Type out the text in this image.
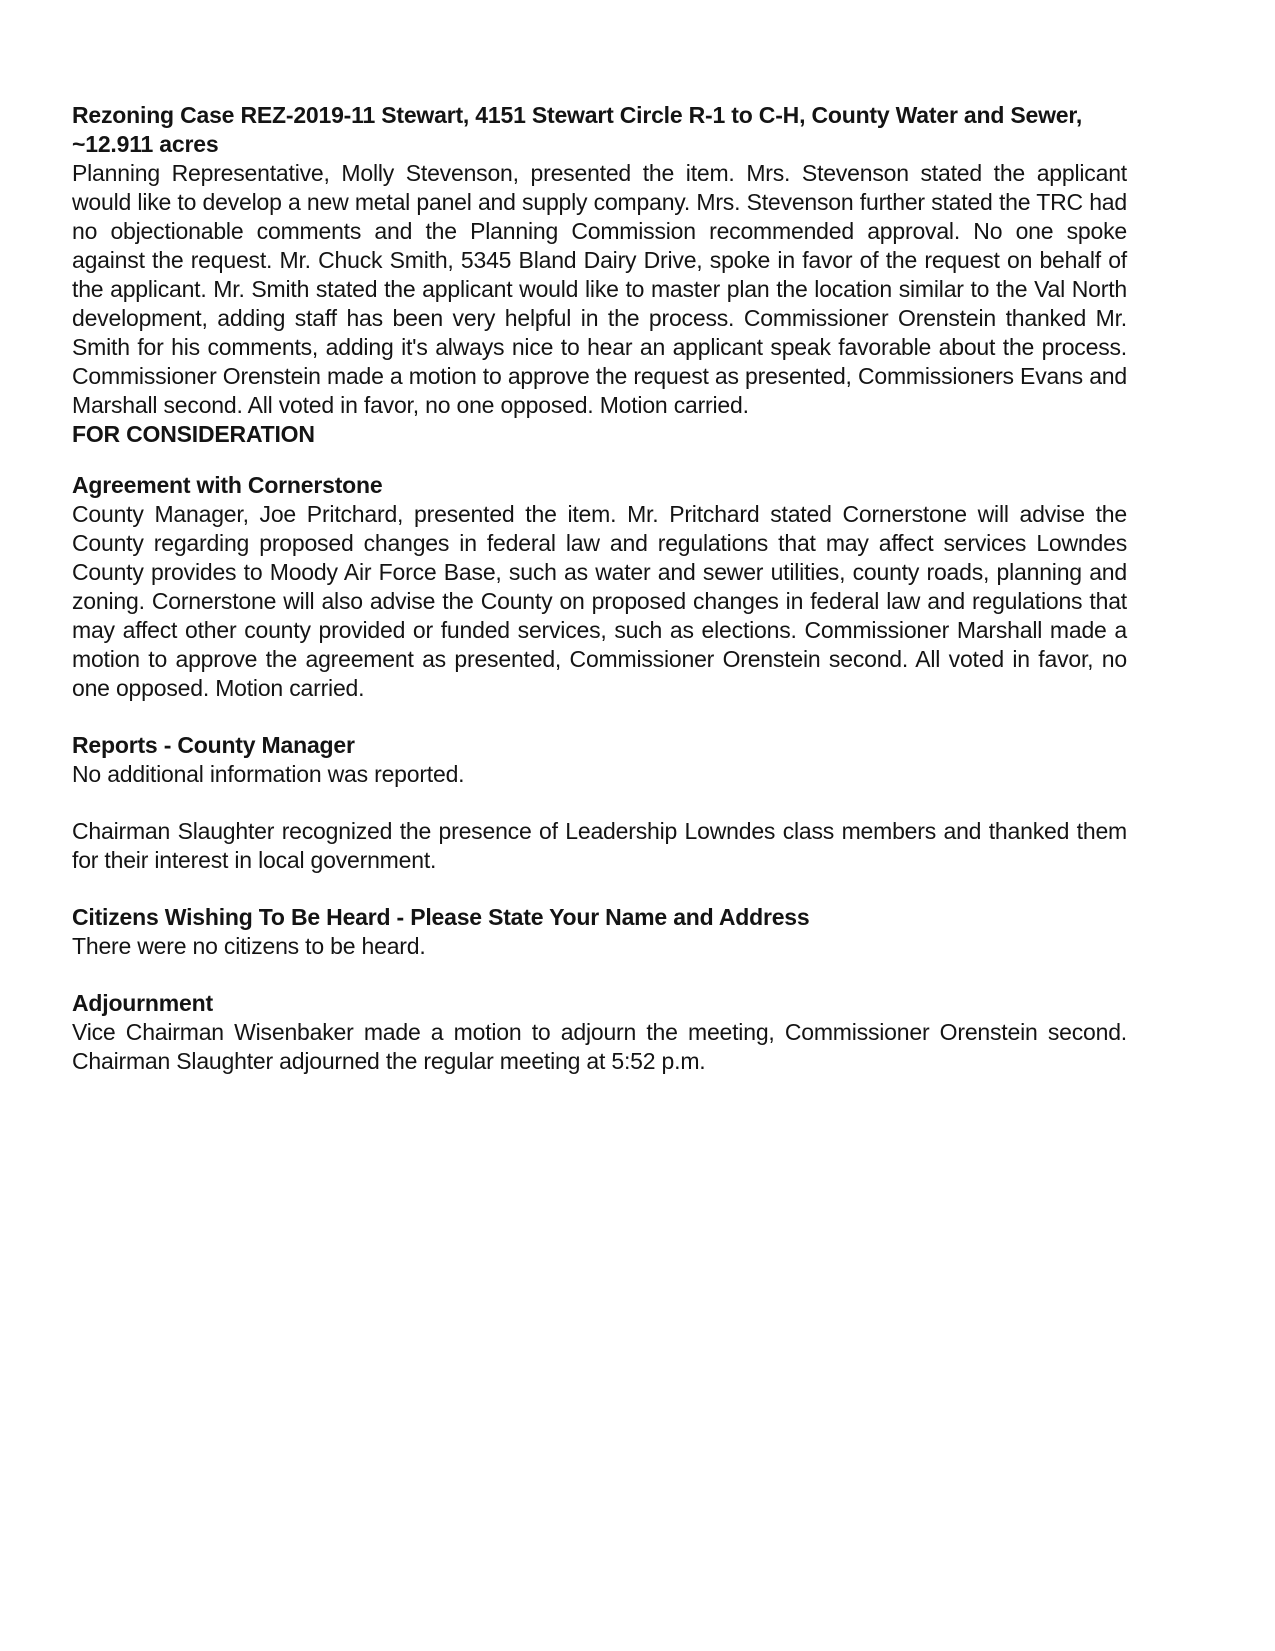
Rezoning Case REZ-2019-11 Stewart, 4151 Stewart Circle R-1 to C-H, County Water and Sewer, ~12.911 acres

Planning Representative, Molly Stevenson, presented the item. Mrs. Stevenson stated the applicant would like to develop a new metal panel and supply company. Mrs. Stevenson further stated the TRC had no objectionable comments and the Planning Commission recommended approval. No one spoke against the request. Mr. Chuck Smith, 5345 Bland Dairy Drive, spoke in favor of the request on behalf of the applicant. Mr. Smith stated the applicant would like to master plan the location similar to the Val North development, adding staff has been very helpful in the process. Commissioner Orenstein thanked Mr. Smith for his comments, adding it's always nice to hear an applicant speak favorable about the process. Commissioner Orenstein made a motion to approve the request as presented, Commissioners Evans and Marshall second. All voted in favor, no one opposed. Motion carried.

FOR CONSIDERATION
Agreement with Cornerstone

County Manager, Joe Pritchard, presented the item. Mr. Pritchard stated Cornerstone will advise the County regarding proposed changes in federal law and regulations that may affect services Lowndes County provides to Moody Air Force Base, such as water and sewer utilities, county roads, planning and zoning. Cornerstone will also advise the County on proposed changes in federal law and regulations that may affect other county provided or funded services, such as elections. Commissioner Marshall made a motion to approve the agreement as presented, Commissioner Orenstein second. All voted in favor, no one opposed. Motion carried.

Reports - County Manager

No additional information was reported.

Chairman Slaughter recognized the presence of Leadership Lowndes class members and thanked them for their interest in local government.

Citizens Wishing To Be Heard - Please State Your Name and Address

There were no citizens to be heard.

Adjournment

Vice Chairman Wisenbaker made a motion to adjourn the meeting, Commissioner Orenstein second. Chairman Slaughter adjourned the regular meeting at 5:52 p.m.
